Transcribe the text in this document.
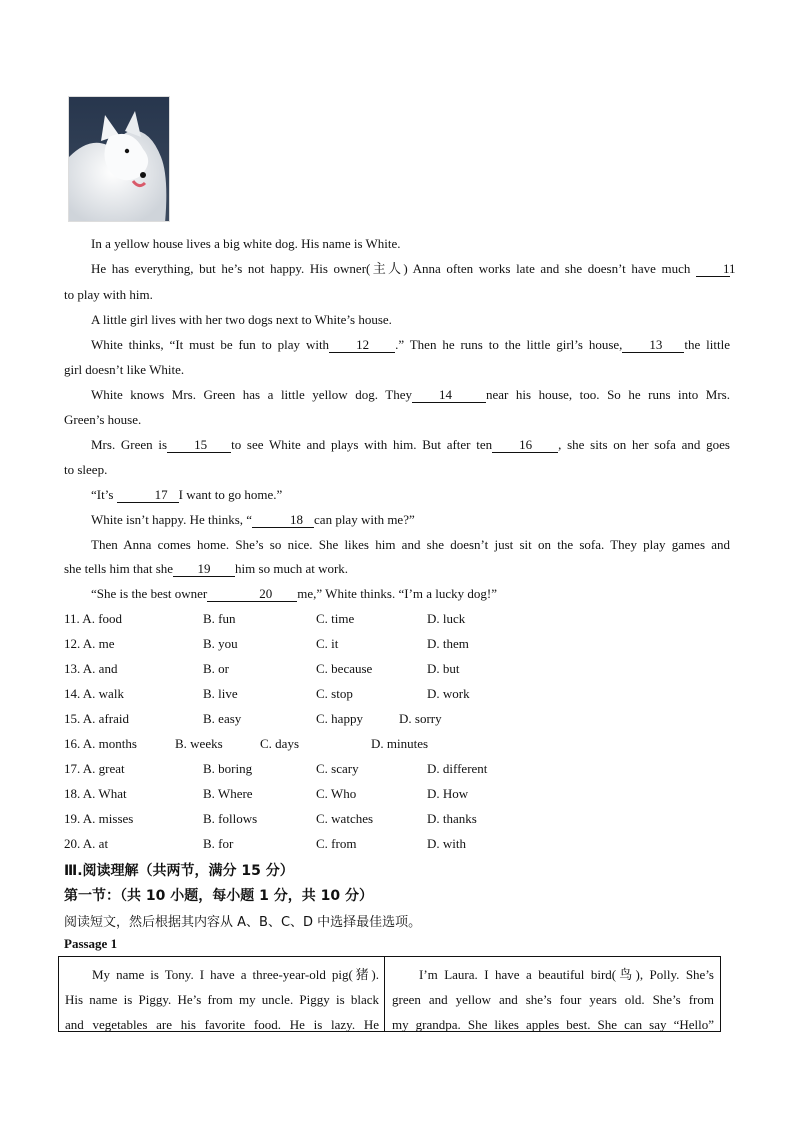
In a yellow house lives a big white dog. His name is White.
He has everything, but he’s not happy. His owner(主人) Anna often works late and she doesn’t have much 11
to play with him.
A little girl lives with her two dogs next to White’s house.
White thinks, “It must be fun to play with 12 .” Then he runs to the little girl’s house, 13 the little
girl doesn’t like White.
White knows Mrs. Green has a little yellow dog. They 14	near his house, too. So he runs into Mrs.
Green’s house.
Mrs. Green is 15 to see White and plays with him. But after ten 16 , she sits on her sofa and goes
to sleep.
“It’s	17 I want to go home.”
White isn’t happy. He thinks, “	18 can play with me?”
Then Anna comes home. She’s so nice. She likes him and she doesn’t just sit on the sofa. They play games and
she tells him that she 19 him so much at work.
“She is the best owner	20 me,” White thinks. “I’m a lucky dog!”
11. A. food	B. fun	C. time	D. luck
12. A. me	B. you	C. it	D. them
13. A. and	B. or	C. because	D. but
14. A. walk	B. live	C. stop	D. work
15. A. afraid	B. easy	C. happy	D. sorry
16. A. months	B. weeks	C. days	D. minutes
17. A. great	B. boring	C. scary	D. different
18. A. What	B. Where	C. Who	D. How
19. A. misses	B. follows	C. watches	D. thanks
20. A. at	B. for	C. from	D. with
Ⅲ.阅读理解（共两节，满分 15 分）
第一节：（共 10 小题，每小题 1 分，共 10 分）
阅读短文，然后根据其内容从 A、B、C、D 中选择最佳选项。
Passage 1
My name is Tony. I have a three-year-old pig(猪).
His name is Piggy. He’s from my uncle. Piggy is black
and vegetables are his favorite food. He is lazy. He
I’m Laura. I have a beautiful bird(鸟), Polly. She’s
green and yellow and she’s four years old. She’s from
my grandpa. She likes apples best. She can say “Hello”
